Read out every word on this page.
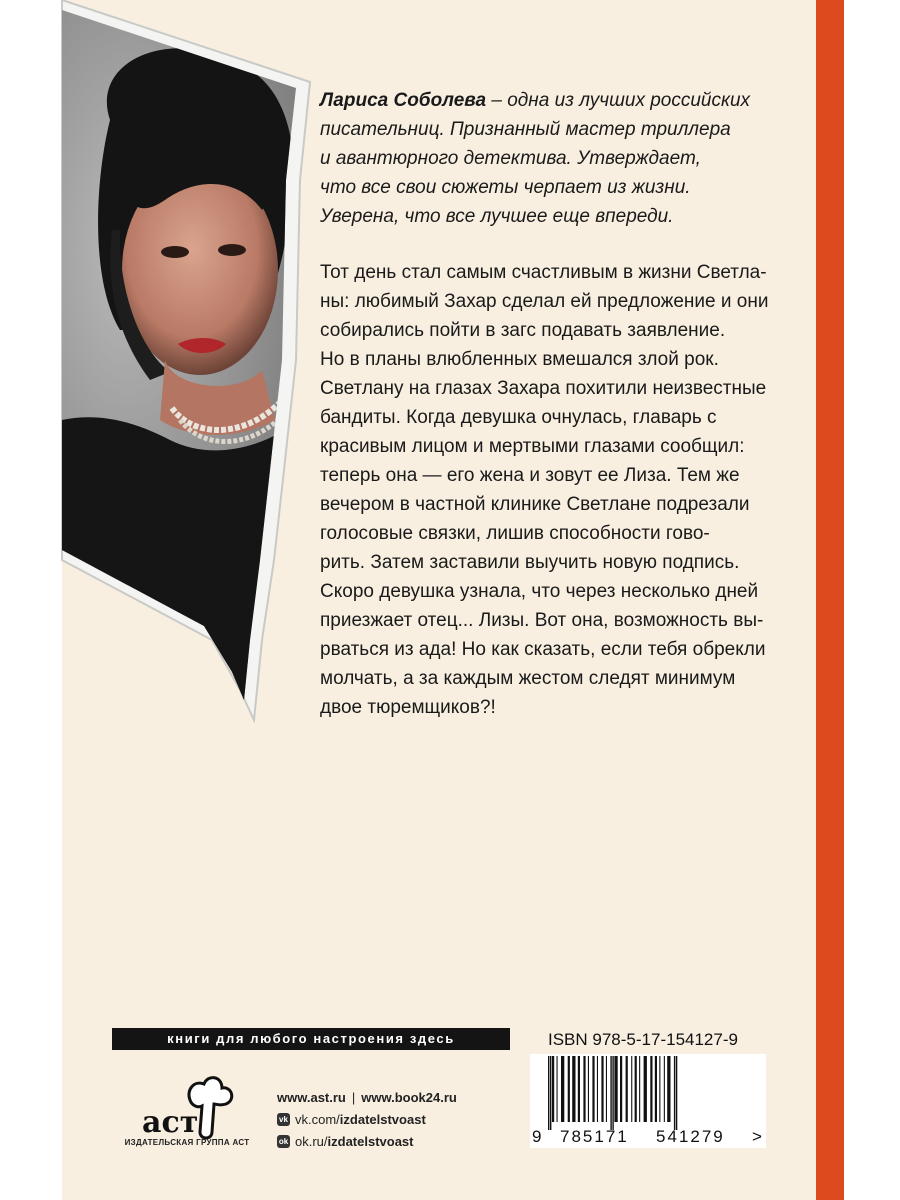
Лариса Соболева – одна из лучших российских
писательниц. Признанный мастер триллера
и авантюрного детектива. Утверждает,
что все свои сюжеты черпает из жизни.
Уверена, что все лучшее еще впереди.

Тот день стал самым счастливым в жизни Светла-
ны: любимый Захар сделал ей предложение и они
собирались пойти в загс подавать заявление.
Но в планы влюбленных вмешался злой рок.
Светлану на глазах Захара похитили неизвестные
бандиты. Когда девушка очнулась, главарь с
красивым лицом и мертвыми глазами сообщил:
теперь она — его жена и зовут ее Лиза. Тем же
вечером в частной клинике Светлане подрезали
голосовые связки, лишив способности гово-
рить. Затем заставили выучить новую подпись.
Скоро девушка узнала, что через несколько дней
приезжает отец... Лизы. Вот она, возможность вы-
рваться из ада! Но как сказать, если тебя обрекли
молчать, а за каждым жестом следят минимум
двое тюремщиков?!

книги для любого настроения здесь	ISBN 978-5-17-154127-9
9 785171 541279 >
аст
ИЗДАТЕЛЬСКАЯ ГРУППА АСТ
www.ast.ru | www.book24.ru
vk vk.com/ izdatelstvoast
ok ok.ru/ izdatelstvoast
